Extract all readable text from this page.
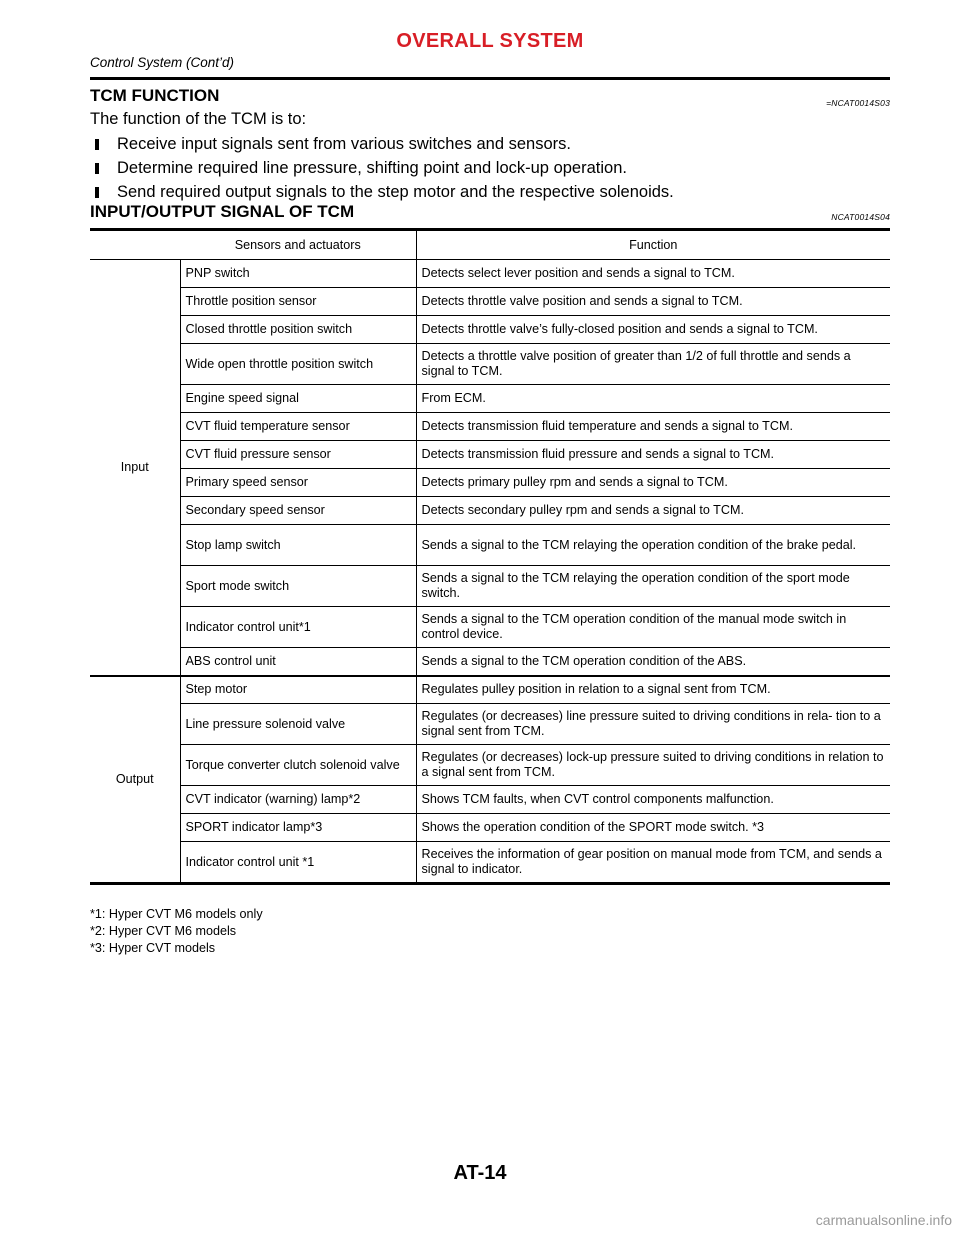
OVERALL SYSTEM
Control System (Cont’d)
TCM FUNCTION	=NCAT0014S03
The function of the TCM is to:
Receive input signals sent from various switches and sensors.
Determine required line pressure, shifting point and lock-up operation.
Send required output signals to the step motor and the respective solenoids.
INPUT/OUTPUT SIGNAL OF TCM	NCAT0014S04
	Sensors and actuators	Function
Input	PNP switch	Detects select lever position and sends a signal to TCM.
	Throttle position sensor	Detects throttle valve position and sends a signal to TCM.
	Closed throttle position switch	Detects throttle valve’s fully-closed position and sends a signal to TCM.
	Wide open throttle position switch	Detects a throttle valve position of greater than 1/2 of full throttle and sends a signal to TCM.
	Engine speed signal	From ECM.
	CVT fluid temperature sensor	Detects transmission fluid temperature and sends a signal to TCM.
	CVT fluid pressure sensor	Detects transmission fluid pressure and sends a signal to TCM.
	Primary speed sensor	Detects primary pulley rpm and sends a signal to TCM.
	Secondary speed sensor	Detects secondary pulley rpm and sends a signal to TCM.
	Stop lamp switch	Sends a signal to the TCM relaying the operation condition of the brake pedal.
	Sport mode switch	Sends a signal to the TCM relaying the operation condition of the sport mode switch.
	Indicator control unit*1	Sends a signal to the TCM operation condition of the manual mode switch in control device.
	ABS control unit	Sends a signal to the TCM operation condition of the ABS.
Output	Step motor	Regulates pulley position in relation to a signal sent from TCM.
	Line pressure solenoid valve	Regulates (or decreases) line pressure suited to driving conditions in rela- tion to a signal sent from TCM.
	Torque converter clutch solenoid valve	Regulates (or decreases) lock-up pressure suited to driving conditions in relation to a signal sent from TCM.
	CVT indicator (warning) lamp*2	Shows TCM faults, when CVT control components malfunction.
	SPORT indicator lamp*3	Shows the operation condition of the SPORT mode switch. *3
	Indicator control unit *1	Receives the information of gear position on manual mode from TCM, and sends a signal to indicator.
*1: Hyper CVT M6 models only
*2: Hyper CVT M6 models
*3: Hyper CVT models
AT-14
carmanualsonline.info
